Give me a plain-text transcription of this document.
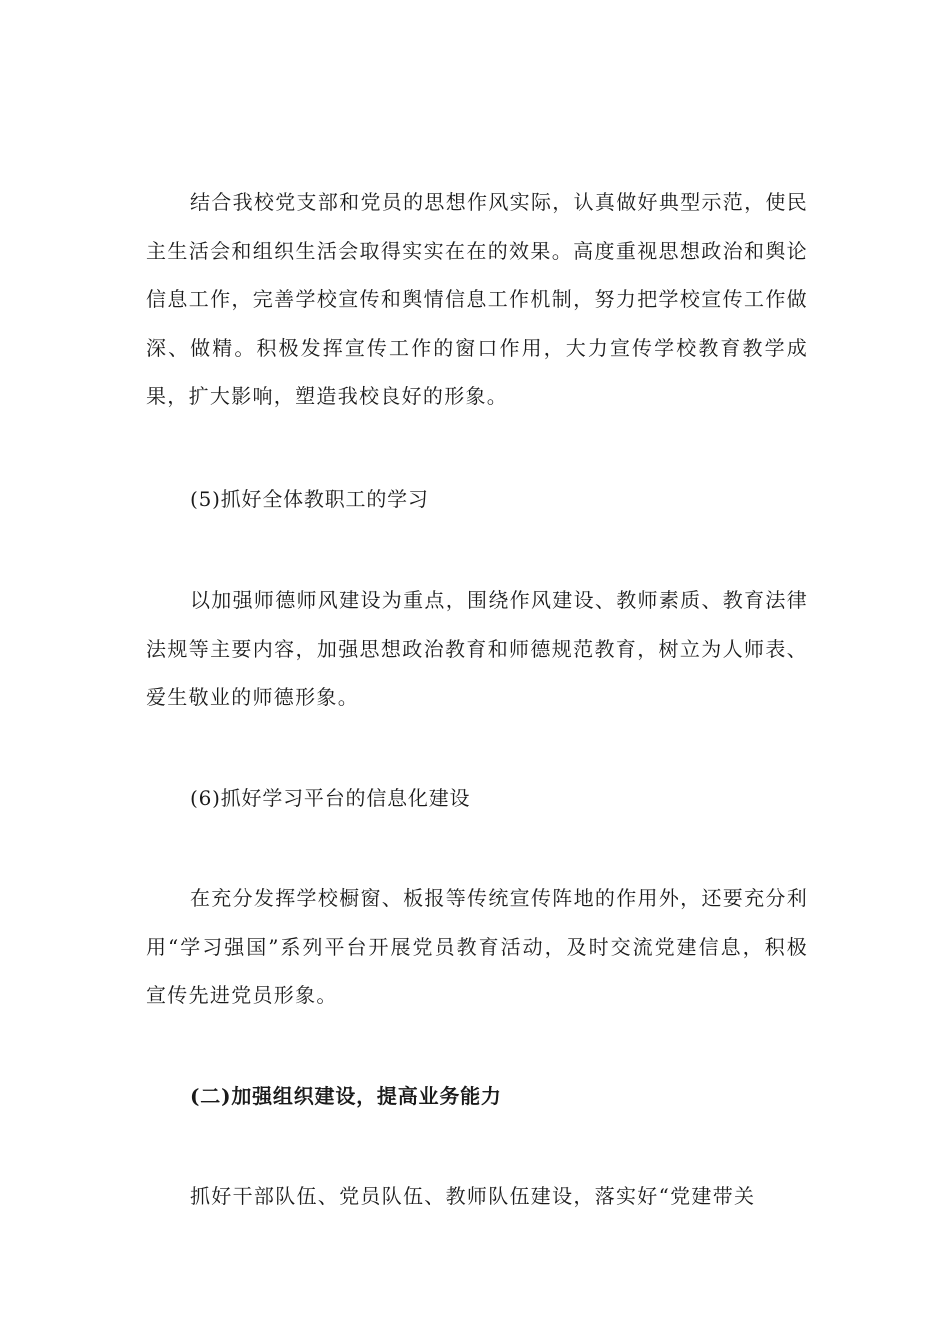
结合我校党支部和党员的思想作风实际，认真做好典型示范，使民主生活会和组织生活会取得实实在在的效果。高度重视思想政治和舆论信息工作，完善学校宣传和舆情信息工作机制，努力把学校宣传工作做深、做精。积极发挥宣传工作的窗口作用，大力宣传学校教育教学成果，扩大影响，塑造我校良好的形象。

(5)抓好全体教职工的学习

以加强师德师风建设为重点，围绕作风建设、教师素质、教育法律法规等主要内容，加强思想政治教育和师德规范教育，树立为人师表、爱生敬业的师德形象。

(6)抓好学习平台的信息化建设

在充分发挥学校橱窗、板报等传统宣传阵地的作用外，还要充分利用“学习强国”系列平台开展党员教育活动，及时交流党建信息，积极宣传先进党员形象。

(二)加强组织建设，提高业务能力

抓好干部队伍、党员队伍、教师队伍建设，落实好“党建带关
